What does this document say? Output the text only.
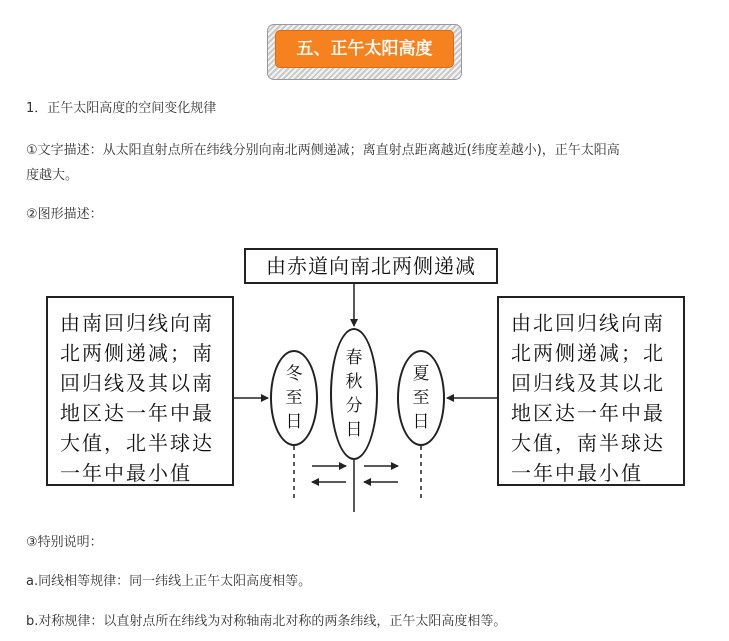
五、正午太阳高度
1．正午太阳高度的空间变化规律
①文字描述：从太阳直射点所在纬线分别向南北两侧递减；离直射点距离越近(纬度差越小)，正午太阳高
度越大。
②图形描述：
由赤道向南北两侧递减
由南回归线向南
北两侧递减；南
回归线及其以南
地区达一年中最
大值，北半球达
一年中最小值
由北回归线向南
北两侧递减；北
回归线及其以北
地区达一年中最
大值，南半球达
一年中最小值
冬
至
日
春
秋
分
日
夏
至
日
③特别说明：
a.同线相等规律：同一纬线上正午太阳高度相等。
b.对称规律：以直射点所在纬线为对称轴南北对称的两条纬线，正午太阳高度相等。
